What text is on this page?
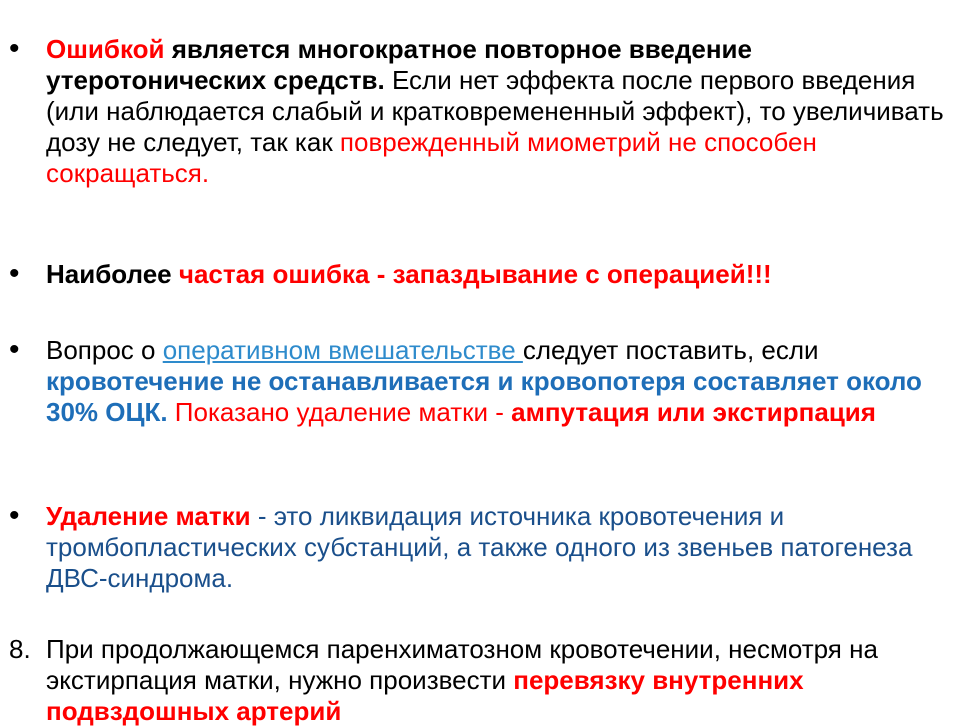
• Ошибкой является многократное повторное введение утеротонических средств. Если нет эффекта после первого введения (или наблюдается слабый и кратковремененный эффект), то увеличивать дозу не следует, так как поврежденный миометрий не способен сокращаться.

• Наиболее частая ошибка - запаздывание с операцией!!!

• Вопрос о оперативном вмешательстве следует поставить, если кровотечение не останавливается и кровопотеря составляет около 30% ОЦК. Показано удаление матки - ампутация или экстирпация

• Удаление матки - это ликвидация источника кровотечения и тромбопластических субстанций, а также одного из звеньев патогенеза ДВС-синдрома.

8. При продолжающемся паренхиматозном кровотечении, несмотря на экстирпация матки, нужно произвести перевязку внутренних подвздошных артерий
